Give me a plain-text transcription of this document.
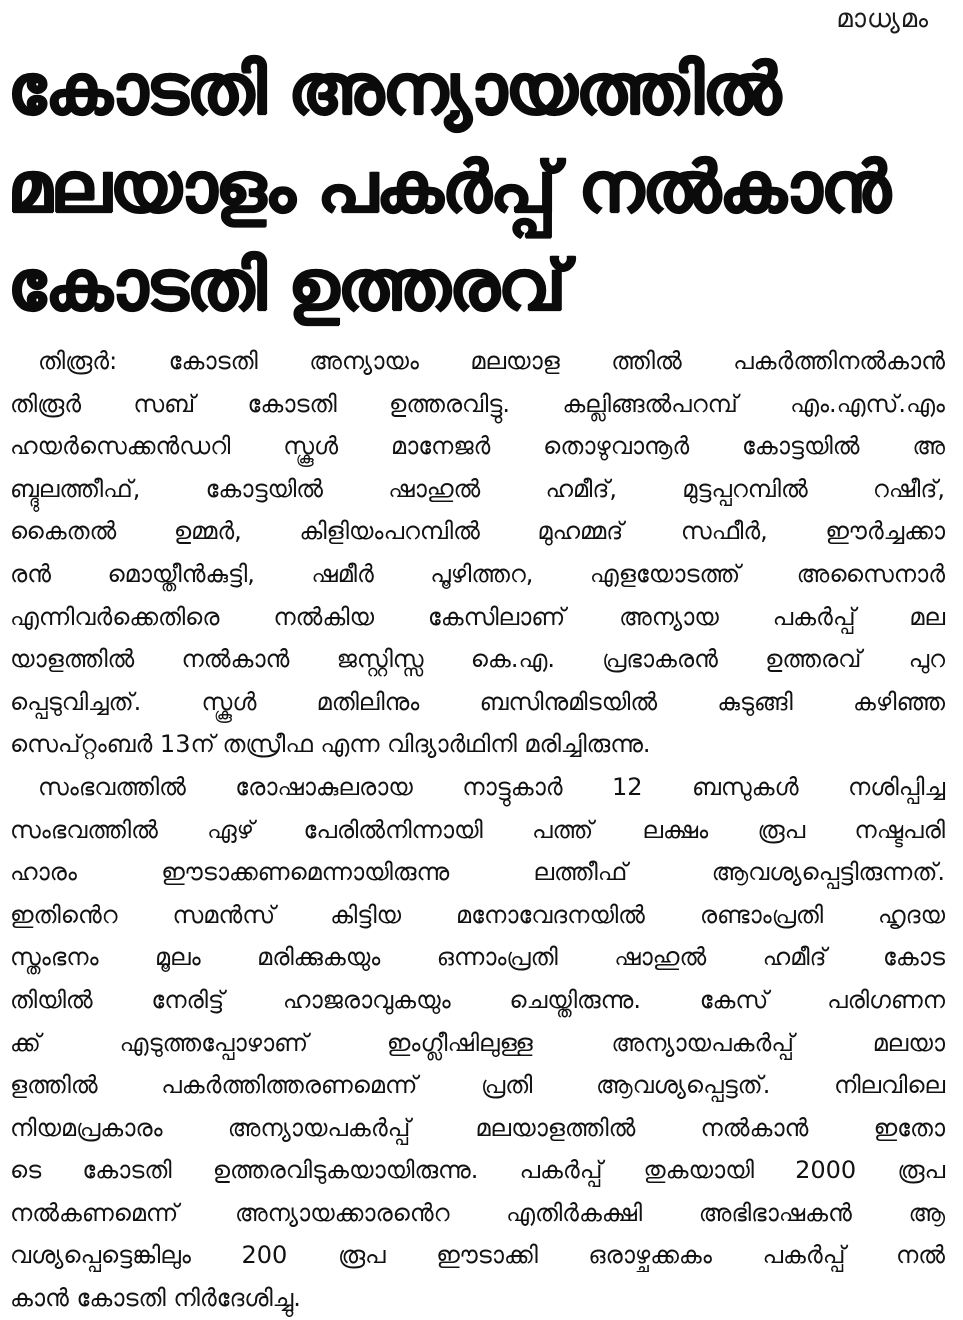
മാധ്യമം
കോടതി അന്യായത്തിൽ
മലയാളം പകർപ്പ് നൽകാൻ
കോടതി ഉത്തരവ്
തിരൂർ: കോടതി അന്യായം മലയാള ത്തിൽ പകർത്തിനൽകാൻ
തിരൂർ സബ് കോടതി ഉത്തരവിട്ടു. കല്ലിങ്ങൽപറമ്പ് എം.എസ്.എം
ഹയർസെക്കൻഡറി സ്കൂൾ മാനേജർ തൊഴുവാനൂർ കോട്ടയിൽ അ
ബ്ദുലത്തീഫ്, കോട്ടയിൽ ഷാഹുൽ ഹമീദ്, മുട്ടപ്പറമ്പിൽ റഷീദ്,
കൈതൽ ഉമ്മർ, കിളിയംപറമ്പിൽ മുഹമ്മദ് സഫീർ, ഈർച്ചക്കാ
രൻ മൊയ്തീൻകുട്ടി, ഷമീർ പൂഴിത്തറ, എളയോടത്ത് അസൈനാർ
എന്നിവർക്കെതിരെ നൽകിയ കേസിലാണ് അന്യായ പകർപ്പ് മല
യാളത്തിൽ നൽകാൻ ജസ്റ്റിസ്സ കെ.എ. പ്രഭാകരൻ ഉത്തരവ് പുറ
പ്പെടുവിച്ചത്. സ്കൂൾ മതിലിനും ബസിനുമിടയിൽ കുടുങ്ങി കഴിഞ്ഞ
സെപ്റ്റംബർ 13ന് തസ്രീഫ എന്ന വിദ്യാർഥിനി മരിച്ചിരുന്നു.
സംഭവത്തിൽ രോഷാകുലരായ നാട്ടുകാർ 12 ബസുകൾ നശിപ്പിച്ച
സംഭവത്തിൽ ഏഴ് പേരിൽനിന്നായി പത്ത് ലക്ഷം രൂപ നഷ്ടപരി
ഹാരം ഈടാക്കണമെന്നായിരുന്നു ലത്തീഫ് ആവശ്യപ്പെട്ടിരുന്നത്.
ഇതിൻെറ സമൻസ് കിട്ടിയ മനോവേദനയിൽ രണ്ടാംപ്രതി ഹൃദയ
സ്തംഭനം മൂലം മരിക്കുകയും ഒന്നാംപ്രതി ഷാഹുൽ ഹമീദ് കോട
തിയിൽ നേരിട്ട് ഹാജരാവുകയും ചെയ്തിരുന്നു. കേസ് പരിഗണന
ക്ക് എടുത്തപ്പോഴാണ് ഇംഗ്ലീഷിലുള്ള അന്യായപകർപ്പ് മലയാ
ളത്തിൽ പകർത്തിത്തരണമെന്ന് പ്രതി ആവശ്യപ്പെട്ടത്. നിലവിലെ
നിയമപ്രകാരം അന്യായപകർപ്പ് മലയാളത്തിൽ നൽകാൻ ഇതോ
ടെ കോടതി ഉത്തരവിടുകയായിരുന്നു. പകർപ്പ് തുകയായി 2000 രൂപ
നൽകണമെന്ന് അന്യായക്കാരൻെറ എതിർകക്ഷി അഭിഭാഷകൻ ആ
വശ്യപ്പെട്ടെങ്കിലും 200 രൂപ ഈടാക്കി ഒരാഴ്ചക്കകം പകർപ്പ് നൽ
കാൻ കോടതി നിർദേശിച്ചു.
